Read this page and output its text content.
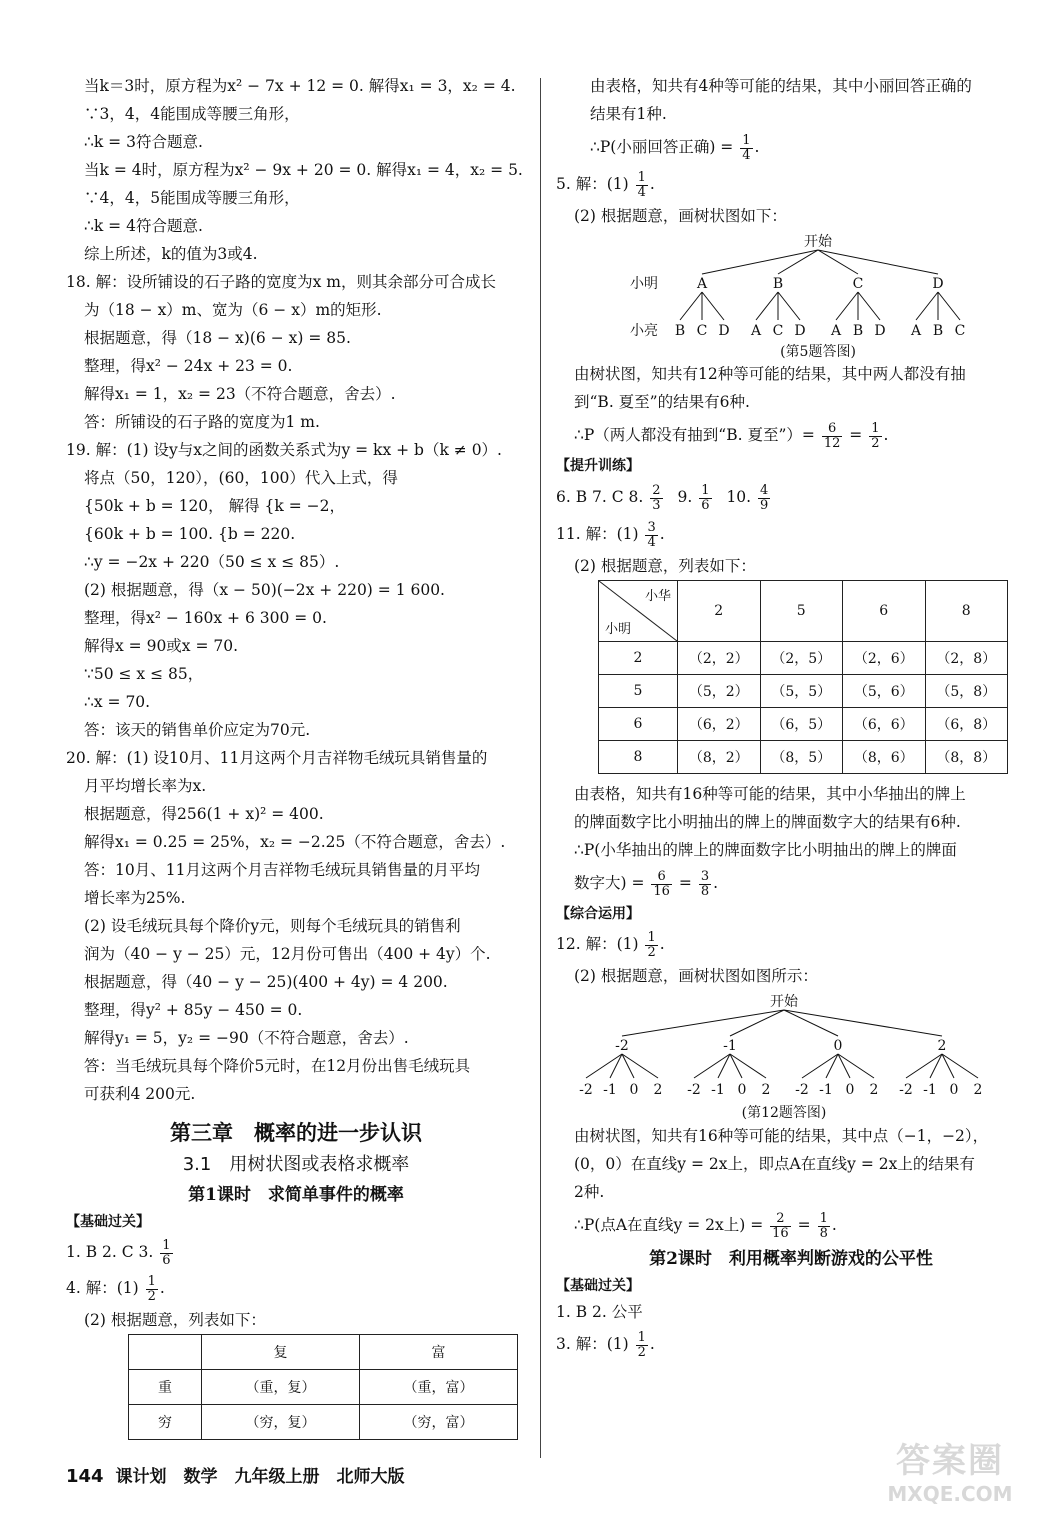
当k＝3时，原方程为x² − 7x + 12 = 0. 解得x₁ = 3，x₂ = 4.
∵3，4，4能围成等腰三角形，
∴k = 3符合题意.
当k = 4时，原方程为x² − 9x + 20 = 0. 解得x₁ = 4，x₂ = 5.
∵4，4，5能围成等腰三角形，
∴k = 4符合题意.
综上所述，k的值为3或4.
18. 解：设所铺设的石子路的宽度为x m，则其余部分可合成长
为（18 − x）m、宽为（6 − x）m的矩形.
根据题意，得（18 − x)(6 − x) = 85.
整理，得x² − 24x + 23 = 0.
解得x₁ = 1，x₂ = 23（不符合题意，舍去）.
答：所铺设的石子路的宽度为1 m.
19. 解：(1) 设y与x之间的函数关系式为y = kx + b（k ≠ 0）.
将点（50，120），(60，100）代入上式，得
{50k + b = 120， 解得 {k = −2，
{60k + b = 100. {b = 220.
∴y = −2x + 220（50 ≤ x ≤ 85）.
(2) 根据题意，得（x − 50)(−2x + 220) = 1 600.
整理，得x² − 160x + 6 300 = 0.
解得x = 90或x = 70.
∵50 ≤ x ≤ 85，
∴x = 70.
答：该天的销售单价应定为70元.
20. 解：(1) 设10月、11月这两个月吉祥物毛绒玩具销售量的
月平均增长率为x.
根据题意，得256(1 + x)² = 400.
解得x₁ = 0.25 = 25%，x₂ = −2.25（不符合题意，舍去）.
答：10月、11月这两个月吉祥物毛绒玩具销售量的月平均
增长率为25%.
(2) 设毛绒玩具每个降价y元，则每个毛绒玩具的销售利
润为（40 − y − 25）元，12月份可售出（400 + 4y）个.
根据题意，得（40 − y − 25)(400 + 4y) = 4 200.
整理，得y² + 85y − 450 = 0.
解得y₁ = 5，y₂ = −90（不符合题意，舍去）.
答：当毛绒玩具每个降价5元时，在12月份出售毛绒玩具
可获利4 200元.
第三章　概率的进一步认识
3.1　用树状图或表格求概率
第1课时　求简单事件的概率
【基础过关】
1. B 2. C 3. $\frac{1}{6}$
4. 解：$(1) \frac{1}{2}$ .
(2) 根据题意，列表如下：
	复	富
重	（重，复）	（重，富）
穷	（穷，复）	（穷，富）
由表格，知共有4种等可能的结果，其中小丽回答正确的
结果有1种.
∴P(小丽回答正确) = $\frac{1}{4}$ .
5. 解：$(1) \frac{1}{4}$ .
(2) 根据题意，画树状图如下：
开始
小明
小亮
A
B C D
B
A C D
C
A B D
D
A B C
(第5题答图)
由树状图，知共有12种等可能的结果，其中两人都没有抽
到“B. 夏至”的结果有6种.
∴P（两人都没有抽到“B. 夏至”）= $\frac{6}{12} = \frac{1}{2}$ .
【提升训练】
6. B 7. C 8. $\frac{2}{3} 9$. $\frac{1}{6} 10$. $\frac{4}{9}$
11. 解：$(1) \frac{3}{4}$ .
(2) 根据题意，列表如下：
小华
小明	2	5	6	8
2	（2，2）	（2，5）	（2，6）	（2，8）
5	（5，2）	（5，5）	（5，6）	（5，8）
6	（6，2）	（6，5）	（6，6）	（6，8）
8	（8，2）	（8，5）	（8，6）	（8，8）
由表格，知共有16种等可能的结果，其中小华抽出的牌上
的牌面数字比小明抽出的牌上的牌面数字大的结果有6种.
∴P(小华抽出的牌上的牌面数字比小明抽出的牌上的牌面
数字大) = $\frac{6}{16} = \frac{3}{8}$ .
【综合运用】
12. 解：$(1) \frac{1}{2}$ .
(2) 根据题意，画树状图如图所示：
开始
-2
-2 -1 0 2
-1
-2 -1 0 2
0
-2 -1 0 2
2
-2 -1 0 2
(第12题答图)
由树状图，知共有16种等可能的结果，其中点（−1，−2），
(0，0）在直线y = 2x上，即点A在直线y = 2x上的结果有
2种.
∴P(点A在直线y = 2x上) = $\frac{2}{16} = \frac{1}{8}$ .
第2课时　利用概率判断游戏的公平性
【基础过关】
1. B 2. 公平
3. 解：$(1) \frac{1}{2}$ .
144 课计划　数学　九年级上册　北师大版	答案圈
MXQE.COM
